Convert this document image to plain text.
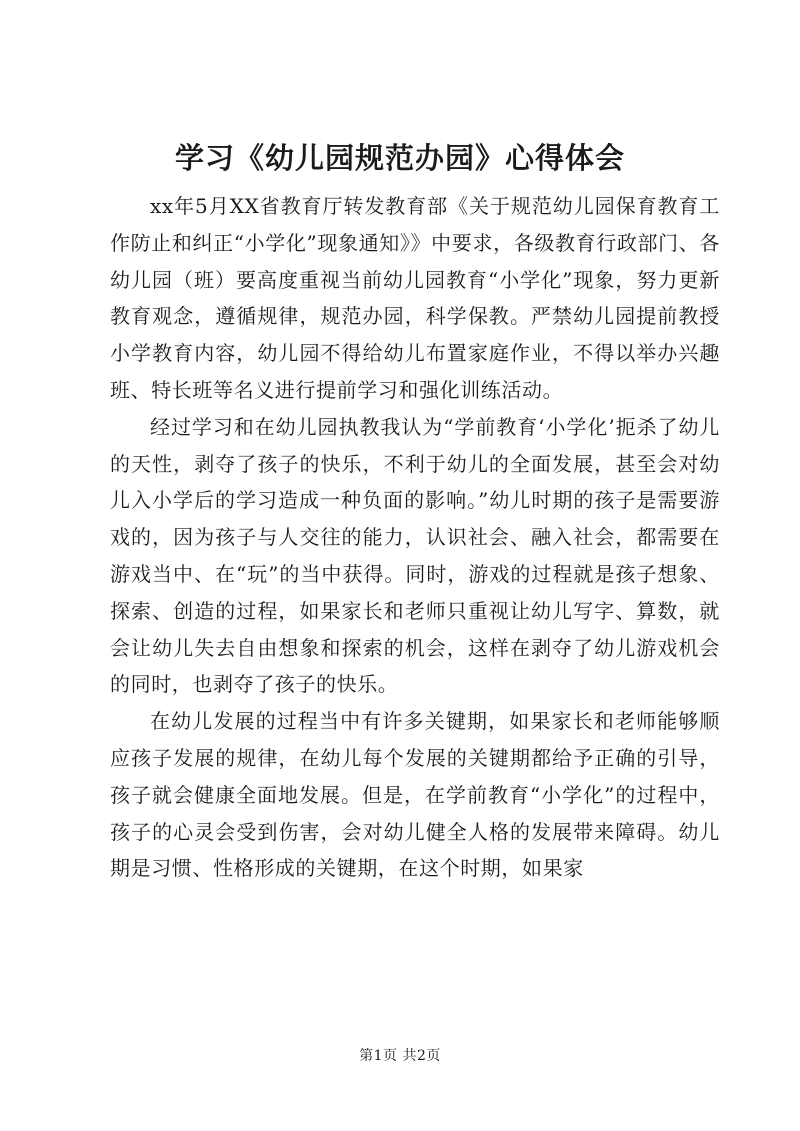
学习《幼儿园规范办园》心得体会

xx年5月XX省教育厅转发教育部《关于规范幼儿园保育教育工作防止和纠正“小学化”现象通知》》中要求，各级教育行政部门、各幼儿园（班）要高度重视当前幼儿园教育“小学化”现象，努力更新教育观念，遵循规律，规范办园，科学保教。严禁幼儿园提前教授小学教育内容，幼儿园不得给幼儿布置家庭作业，不得以举办兴趣班、特长班等名义进行提前学习和强化训练活动。

经过学习和在幼儿园执教我认为“学前教育‘小学化’扼杀了幼儿的天性，剥夺了孩子的快乐，不利于幼儿的全面发展，甚至会对幼儿入小学后的学习造成一种负面的影响。”幼儿时期的孩子是需要游戏的，因为孩子与人交往的能力，认识社会、融入社会，都需要在游戏当中、在“玩”的当中获得。同时，游戏的过程就是孩子想象、探索、创造的过程，如果家长和老师只重视让幼儿写字、算数，就会让幼儿失去自由想象和探索的机会，这样在剥夺了幼儿游戏机会的同时，也剥夺了孩子的快乐。

在幼儿发展的过程当中有许多关键期，如果家长和老师能够顺应孩子发展的规律，在幼儿每个发展的关键期都给予正确的引导，孩子就会健康全面地发展。但是，在学前教育“小学化”的过程中，孩子的心灵会受到伤害，会对幼儿健全人格的发展带来障碍。幼儿期是习惯、性格形成的关键期，在这个时期，如果家

第1页 共2页
